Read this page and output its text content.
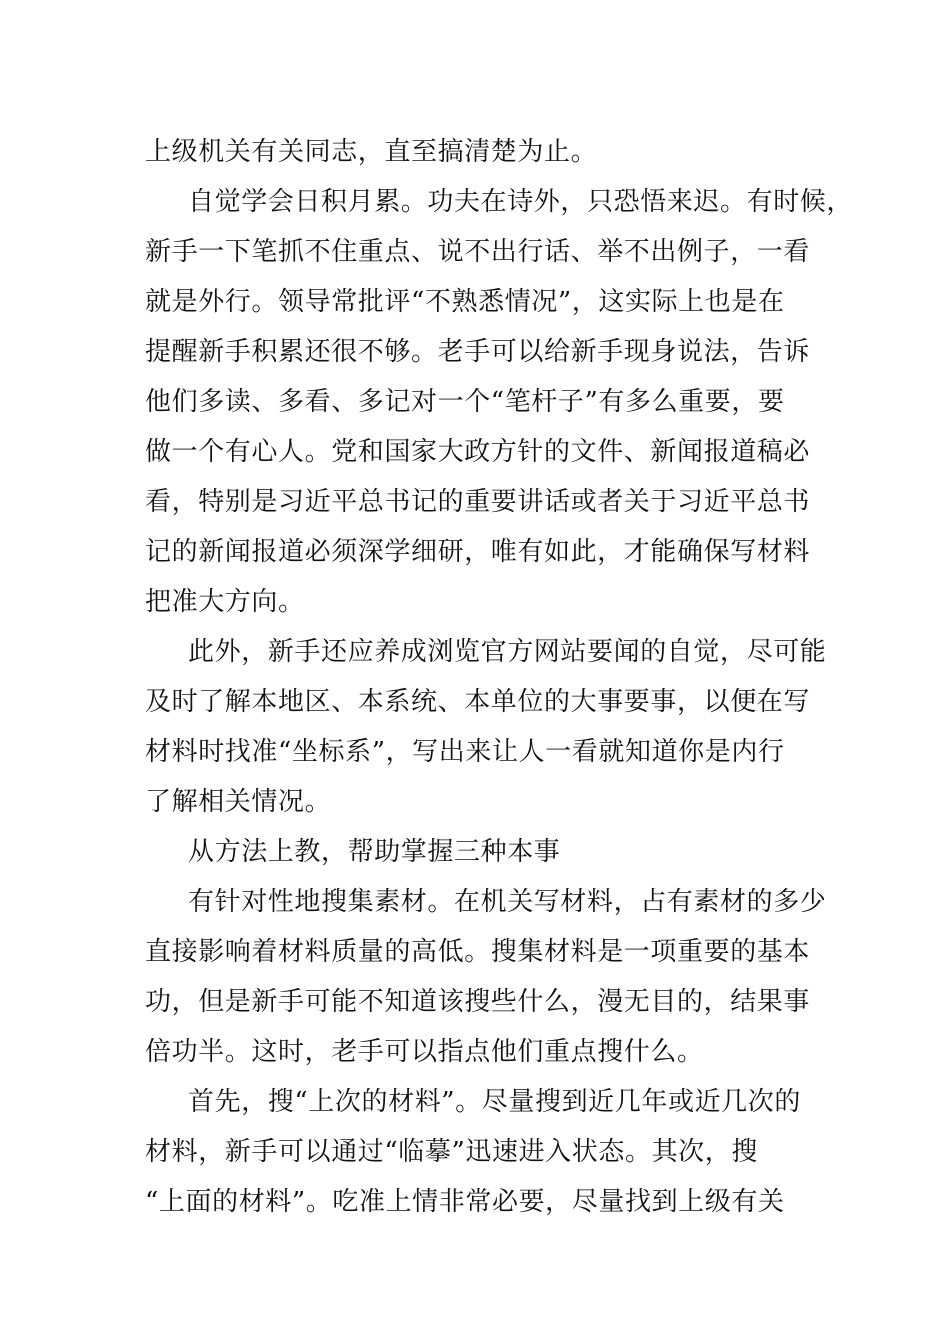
上级机关有关同志，直至搞清楚为止。
自觉学会日积月累。功夫在诗外，只恐悟来迟。有时候，
新手一下笔抓不住重点、说不出行话、举不出例子，一看
就是外行。领导常批评“不熟悉情况”，这实际上也是在
提醒新手积累还很不够。老手可以给新手现身说法，告诉
他们多读、多看、多记对一个“笔杆子”有多么重要，要
做一个有心人。党和国家大政方针的文件、新闻报道稿必
看，特别是习近平总书记的重要讲话或者关于习近平总书
记的新闻报道必须深学细研，唯有如此，才能确保写材料
把准大方向。
此外，新手还应养成浏览官方网站要闻的自觉，尽可能
及时了解本地区、本系统、本单位的大事要事，以便在写
材料时找准“坐标系”，写出来让人一看就知道你是内行
了解相关情况。
从方法上教，帮助掌握三种本事
有针对性地搜集素材。在机关写材料，占有素材的多少
直接影响着材料质量的高低。搜集材料是一项重要的基本
功，但是新手可能不知道该搜些什么，漫无目的，结果事
倍功半。这时，老手可以指点他们重点搜什么。
首先，搜“上次的材料”。尽量搜到近几年或近几次的
材料，新手可以通过“临摹”迅速进入状态。其次，搜
“上面的材料”。吃准上情非常必要，尽量找到上级有关
